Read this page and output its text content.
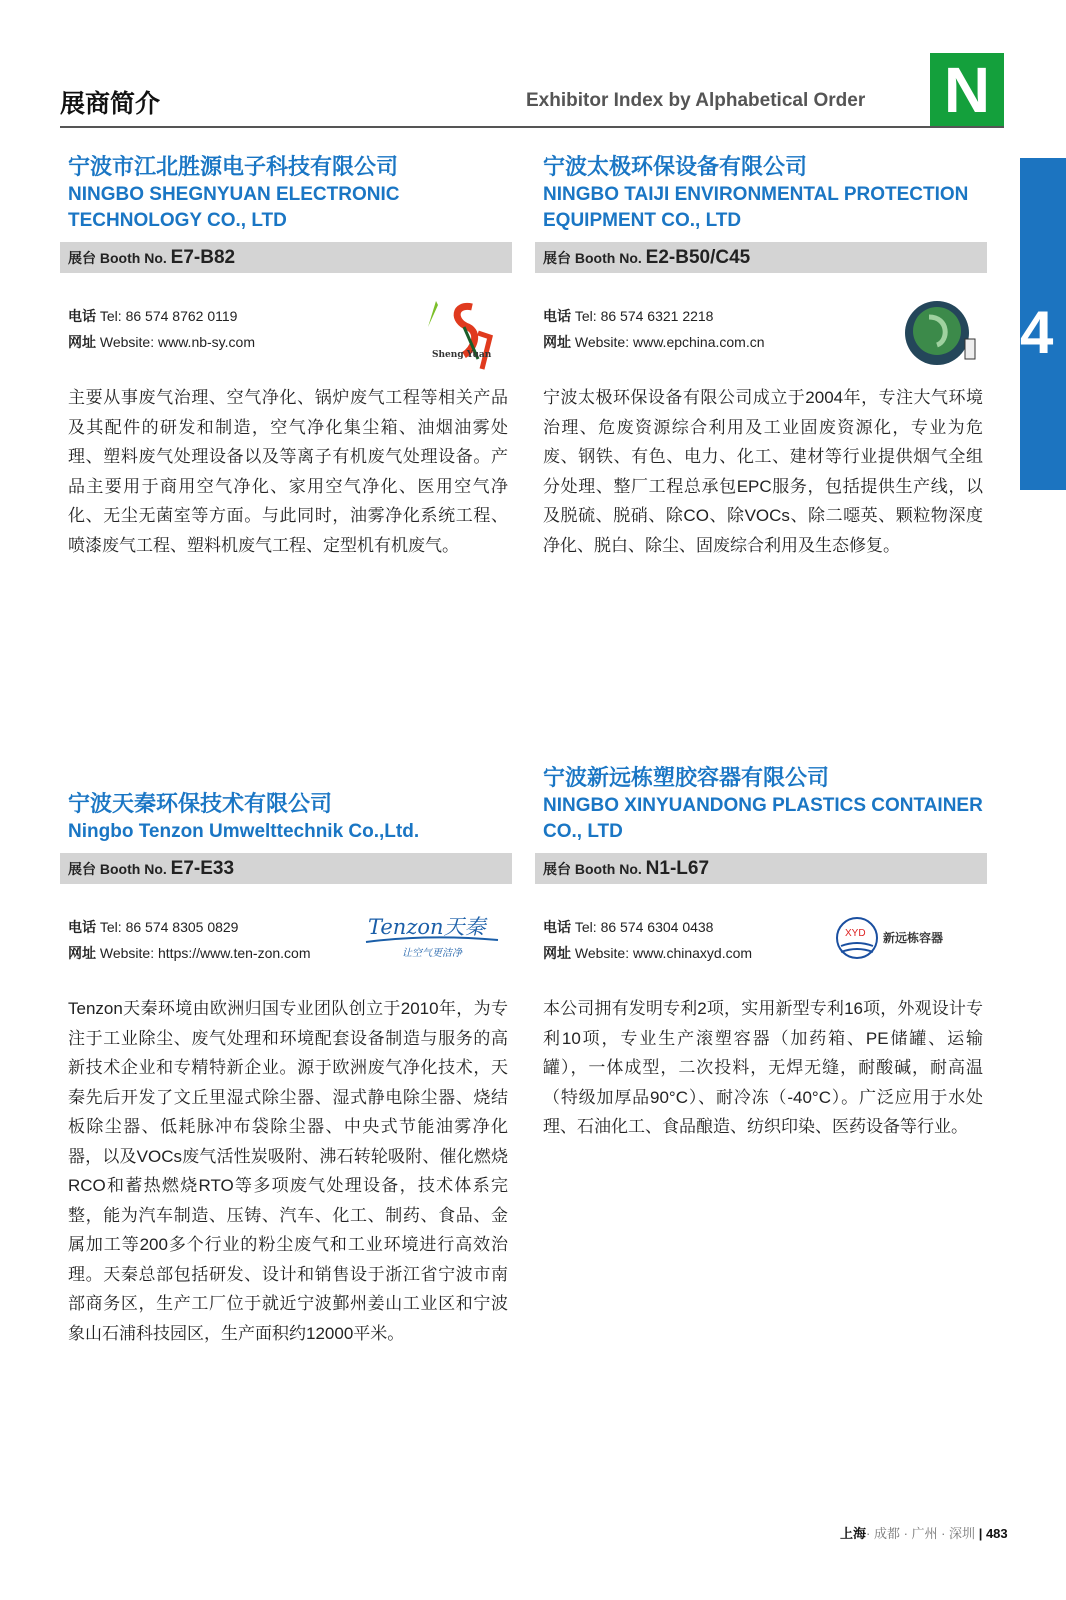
展商简介	Exhibitor Index by Alphabetical Order N
4
宁波市江北胜源电子科技有限公司
NINGBO SHEGNYUAN ELECTRONIC TECHNOLOGY CO., LTD
展台 Booth No. E7-B82
电话 Tel: 86 574 8762 0119
网址 Website: www.nb-sy.com
Sheng Yuan
主要从事废气治理、空气净化、锅炉废气工程等相关产品及其配件的研发和制造，空气净化集尘箱、油烟油雾处理、塑料废气处理设备以及等离子有机废气处理设备。产品主要用于商用空气净化、家用空气净化、医用空气净化、无尘无菌室等方面。与此同时，油雾净化系统工程、喷漆废气工程、塑料机废气工程、定型机有机废气。
宁波太极环保设备有限公司
NINGBO TAIJI ENVIRONMENTAL PROTECTION EQUIPMENT CO., LTD
展台 Booth No. E2-B50/C45
电话 Tel: 86 574 6321 2218
网址 Website: www.epchina.com.cn
宁波太极环保设备有限公司成立于2004年，专注大气环境治理、危废资源综合利用及工业固废资源化，专业为危废、钢铁、有色、电力、化工、建材等行业提供烟气全组分处理、整厂工程总承包EPC服务，包括提供生产线，以及脱硫、脱硝、除CO、除VOCs、除二噁英、颗粒物深度净化、脱白、除尘、固废综合利用及生态修复。
宁波天秦环保技术有限公司
Ningbo Tenzon Umwelttechnik Co.,Ltd.
展台 Booth No. E7-E33
电话 Tel: 86 574 8305 0829
网址 Website: https://www.ten-zon.com
Tenzon天秦
让空气更洁净
Tenzon天秦环境由欧洲归国专业团队创立于2010年，为专注于工业除尘、废气处理和环境配套设备制造与服务的高新技术企业和专精特新企业。源于欧洲废气净化技术，天秦先后开发了文丘里湿式除尘器、湿式静电除尘器、烧结板除尘器、低耗脉冲布袋除尘器、中央式节能油雾净化器，以及VOCs废气活性炭吸附、沸石转轮吸附、催化燃烧RCO和蓄热燃烧RTO等多项废气处理设备，技术体系完整，能为汽车制造、压铸、汽车、化工、制药、食品、金属加工等200多个行业的粉尘废气和工业环境进行高效治理。天秦总部包括研发、设计和销售设于浙江省宁波市南部商务区，生产工厂位于就近宁波鄞州姜山工业区和宁波象山石浦科技园区，生产面积约12000平米。
宁波新远栋塑胶容器有限公司
NINGBO XINYUANDONG PLASTICS CONTAINER CO., LTD
展台 Booth No. N1-L67
电话 Tel: 86 574 6304 0438
网址 Website: www.chinaxyd.com
XYD 新远栋容器
本公司拥有发明专利2项，实用新型专利16项，外观设计专利10项，专业生产滚塑容器（加药箱、PE储罐、运输罐），一体成型，二次投料，无焊无缝，耐酸碱，耐高温（特级加厚品90°C）、耐冷冻（-40°C）。广泛应用于水处理、石油化工、食品酿造、纺织印染、医药设备等行业。
上海· 成都 · 广州 · 深圳 | 483
